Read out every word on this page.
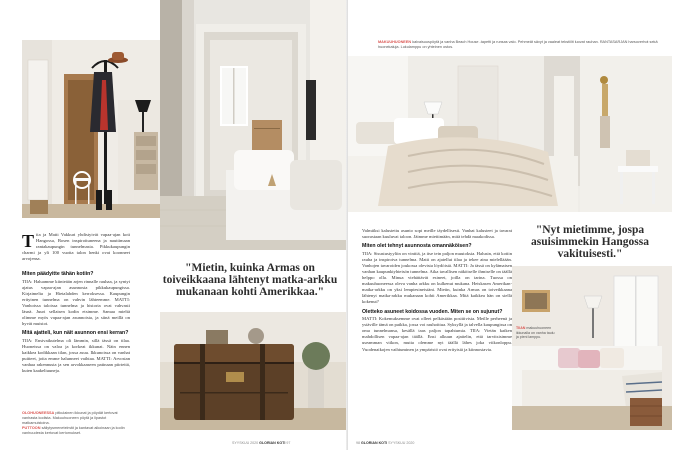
Tiia ja Matti Vakkuri yhdistyivät vapaa-ajan koti Hangossa, Bosen inspiroituneena ja nauttimaan rantakaupungin tunnelmasta. Pikkukaupungin charmi ja yli 100 vuotta talon henki ovat koonneet arvojensa.

Miten päädyitte tähän kotiin?

TIIA: Haluamme kiinteään arjen rinnalle rauhaa, ja syntyi ajatus vapaa-ajan asunnosta pikkukaupungissa. Kirjaimelta ja Hietalahden kerroksessa. Kaupungin erityinen tunnelma on vahvin lähteemme. MATTI: Vanhoissa taloissa tunnelma ja historia ovat vahvasti läsnä. Juuri sellaisen kodin etsimme. Samaa mieltä olimme myös vapaa-ajan asunnoista, ja siinä meillä on hyvät muistot.

Mitä ajatteli, kun näit asunnon ensi kerran?

TIIA: Ensivaikutelma oli lämmin, sillä tässä on tilaa. Huoneissa on valoa ja korkeat ikkunat. Näin ennen kaikkea kodikkaan tilan, jossa asuu. Ikkunoissa on vanhat puitteet, joita emme halunneet vaihtaa. MATTI: Arvostan vanhaa rakennusta ja sen arvokkaaseen patinaan piirteitä, kuten kaakeliuuneja.

OLOHUONEESSA pitkulainen ikkunat ja pöydät kertovat vanhasta kodista. Makuuhuoneen pöytä ja lipastot matkamuistoina.
PUTTOON säilytysmenetelmät ja kantavat aikoinaan ja kodin vanhuudesta kertovat kertomukset.
"Mietin, kuinka Armas on toiveikkaana lähtenyt matka-arkku mukanaan kohti Amerikkaa."
SYYSKUU 2020 GLORIAN KOTI 97
MAKUUHUONEEN kalvaisuuspöytä ja vanha Beach House -tapetti ja runsas valo. Pehmeät sävyt ja vaaleat tekstiilit luovat rauhan. RANTASARJAN harsoverhot sekä huonekaluja. Lukulamppu on yhteinen ostos.

Valmiiksi kalustettu asunto sopi meille täydellisesti. Vanhat kalusteet ja tavarat suorastaan kuuluvat taloon. Jäimme miettimään, mitä tehdä maakodissa.

Miten olet tehnyt asunnosta omannäköisen?

TIIA: Sisustustyyliin on vinttiä, ja itse tein paljon muutoksia. Halusin, että kotiin rauha ja inspiroiva tunnelma. Matti on ajatellut tilaa ja tekee aina mielelläään. Vanhojen tavaroiden joukossa olevista löydöistä. MATTI: Ja tässä on kylämaisen vanhan kaupunkiyhteisön tunnelma. Aika tavallisen näköiselle ihmiselle on täällä helppo olla. Minua viehättävät esineet, joilla on tarina. Tuossa on makuuhuoneessa oleva vanha arkku on kulkenut mukana. Heiskasen Amerikan-matka-arkku on yksi lempiesineistäni. Mietin, kuinka Armas on toiveikkaana lähtenyt matka-arkku mukanaan kohti Amerikkaa. Mitä kaikkea hän on siellä kokenut?

Oletteko asuneet koidossa vuoden. Miten se on sujunut?

MATTI: Kokemuksemme ovat olleet pelkästään positiivisia. Meille perheenä ja ystäville tämä on paikka, jossa voi rauhoittua. Syksyllä ja talvella kaupungissa on oma tunnelmansa, kesällä taas paljon tapahtumia. TIIA: Vietän kaiken mahdollisen vapaa-ajan täällä. Ensi alkuun ajattelin, että tarvitsisimme useamman viikon, mutta olemme nyt täällä lähes joka viikonloppu. Vuodenaikojen vaihtuminen ja ympäristö ovat erityisiä ja kiinnostavia.

"Nyt mietimme, jospa asuisimmekin Hangossa vakituisesti."
TIIAN makuuhuoneen ikkunalla on vanha taulu ja pieni lamppu.
98 GLORIAN KOTI SYYSKUU 2020
